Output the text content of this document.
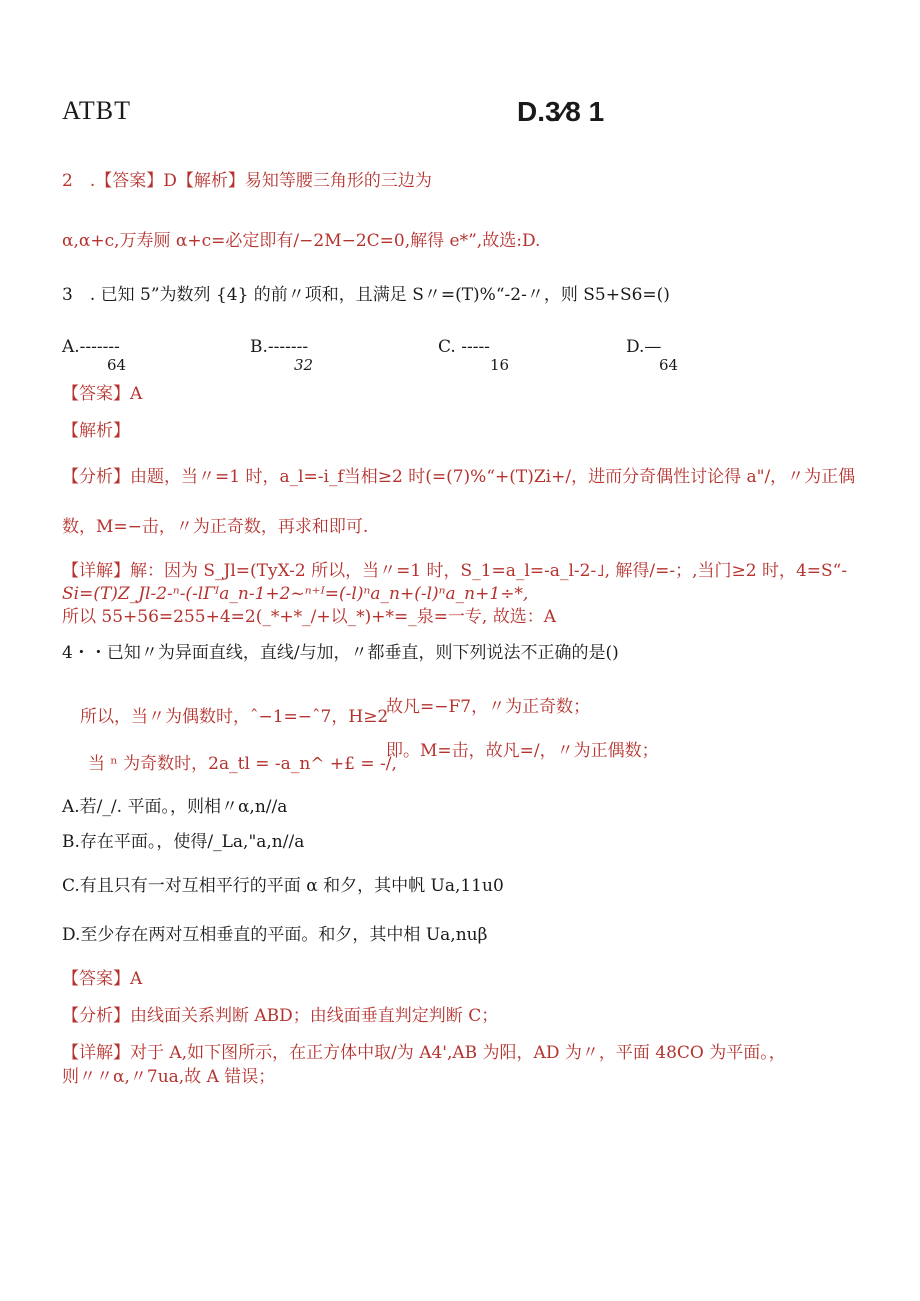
ATBT	D.3⁄8 1
2　.【答案】D【解析】易知等腰三角形的三边为
α,α+c,万寿厕 α+c=必定即有/−2M−2C=0,解得 e*”,故选:D.
3　. 已知 5”为数列 {4} 的前〃项和，且满足 S〃=(T)%“-2-〃，则 S5+S6=()
A.-------
64
B.-------
32
C. -----
16
D.—
64
【答案】A
【解析】
【分析】由题，当〃=1 时，a_l=-i_f当相≥2 时(=(7)%“+(T)Zi+/，进而分奇偶性讨论得 a"/，〃为正偶
数，M=−击，〃为正奇数，再求和即可.
【详解】解：因为 S_Jl=(TyX-2 所以，当〃=1 时，S_1=a_l=-a_l-2-˩, 解得/=-；,当门≥2 时，4=S“-
Si=(T)Z_Jl-2-ⁿ-(-lΓᴵa_n-1+2~ⁿ⁺ᴵ=(-l)ⁿa_n+(-l)ⁿa_n+1÷*,
所以 55+56=255+4=2(_*+*_/+以_*)+*=_泉=一专, 故选：A
4・・已知〃为异面直线，直线/与加，〃都垂直，则下列说法不正确的是()
所以，当〃为偶数时，ˆ−1=−ˆ7，H≥2
当 ⁿ 为奇数时，2a_tl = -a_n^ +£ = -/,
故凡=−F7，〃为正奇数；
即。M=击，故凡=/，〃为正偶数；
A.若/_/. 平面。，则相〃α,n//a
B.存在平面。，使得/_La,"a,n//a
C.有且只有一对互相平行的平面 α 和夕，其中帆 Ua,11u0
D.至少存在两对互相垂直的平面。和夕，其中相 Ua,nuβ
【答案】A
【分析】由线面关系判断 ABD；由线面垂直判定判断 C；
【详解】对于 A,如下图所示，在正方体中取/为 A4',AB 为阳，AD 为〃，平面 48CO 为平面。，
则〃〃α,〃7ua,故 A 错误；
